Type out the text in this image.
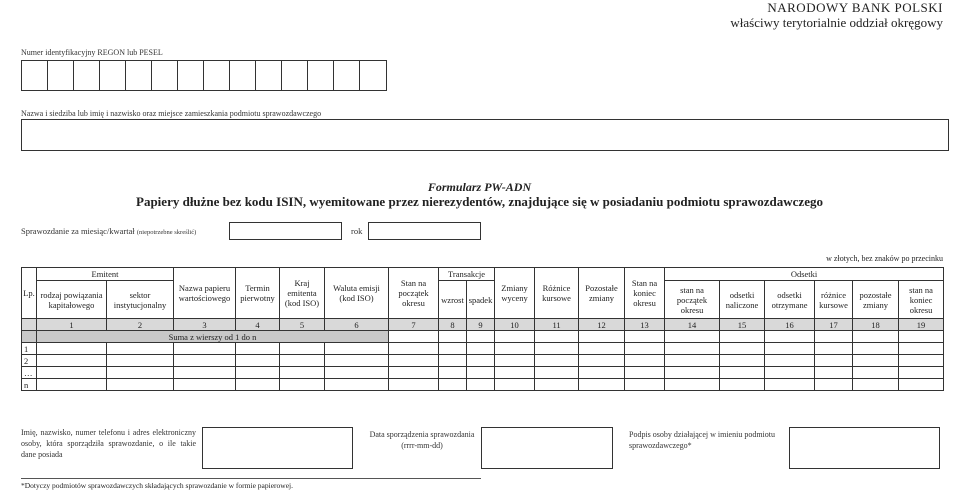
NARODOWY BANK POLSKI
właściwy terytorialnie oddział okręgowy
Numer identyfikacyjny REGON lub PESEL
Nazwa i siedziba lub imię i nazwisko oraz miejsce zamieszkania podmiotu sprawozdawczego
Formularz PW-ADN
Papiery dłużne bez kodu ISIN, wyemitowane przez nierezydentów, znajdujące się w posiadaniu podmiotu sprawozdawczego
Sprawozdanie za miesiąc/kwartał (niepotrzebne skreślić)	rok
w złotych, bez znaków po przecinku
Lp.	Emitent		Nazwa papieru wartościowego	Termin pierwotny	Kraj emitenta (kod ISO)	Waluta emisji (kod ISO)	Stan na początek okresu	Transakcje		Zmiany wyceny	Różnice kursowe	Pozostałe zmiany	Stan na koniec okresu	Odsetki					
	rodzaj powiązania kapitałowego	sektor instytucjonalny						wzrost	spadek					stan na początek okresu	odsetki naliczone	odsetki otrzymane	różnice kursowe	pozostałe zmiany	stan na koniec okresu
	1	2	3	4	5	6	7	8	9	10	11	12	13	14	15	16	17	18	19
	Suma z wierszy od 1 do n																		
1																			
2																			
…																			
n																			
Imię, nazwisko, numer telefonu i adres elektroniczny osoby, która sporządziła sprawozdanie, o ile takie dane posiada
Data sporządzenia sprawozdania
(rrrr-mm-dd)
Podpis osoby działającej w imieniu podmiotu sprawozdawczego*
*Dotyczy podmiotów sprawozdawczych składających sprawozdanie w formie papierowej.
